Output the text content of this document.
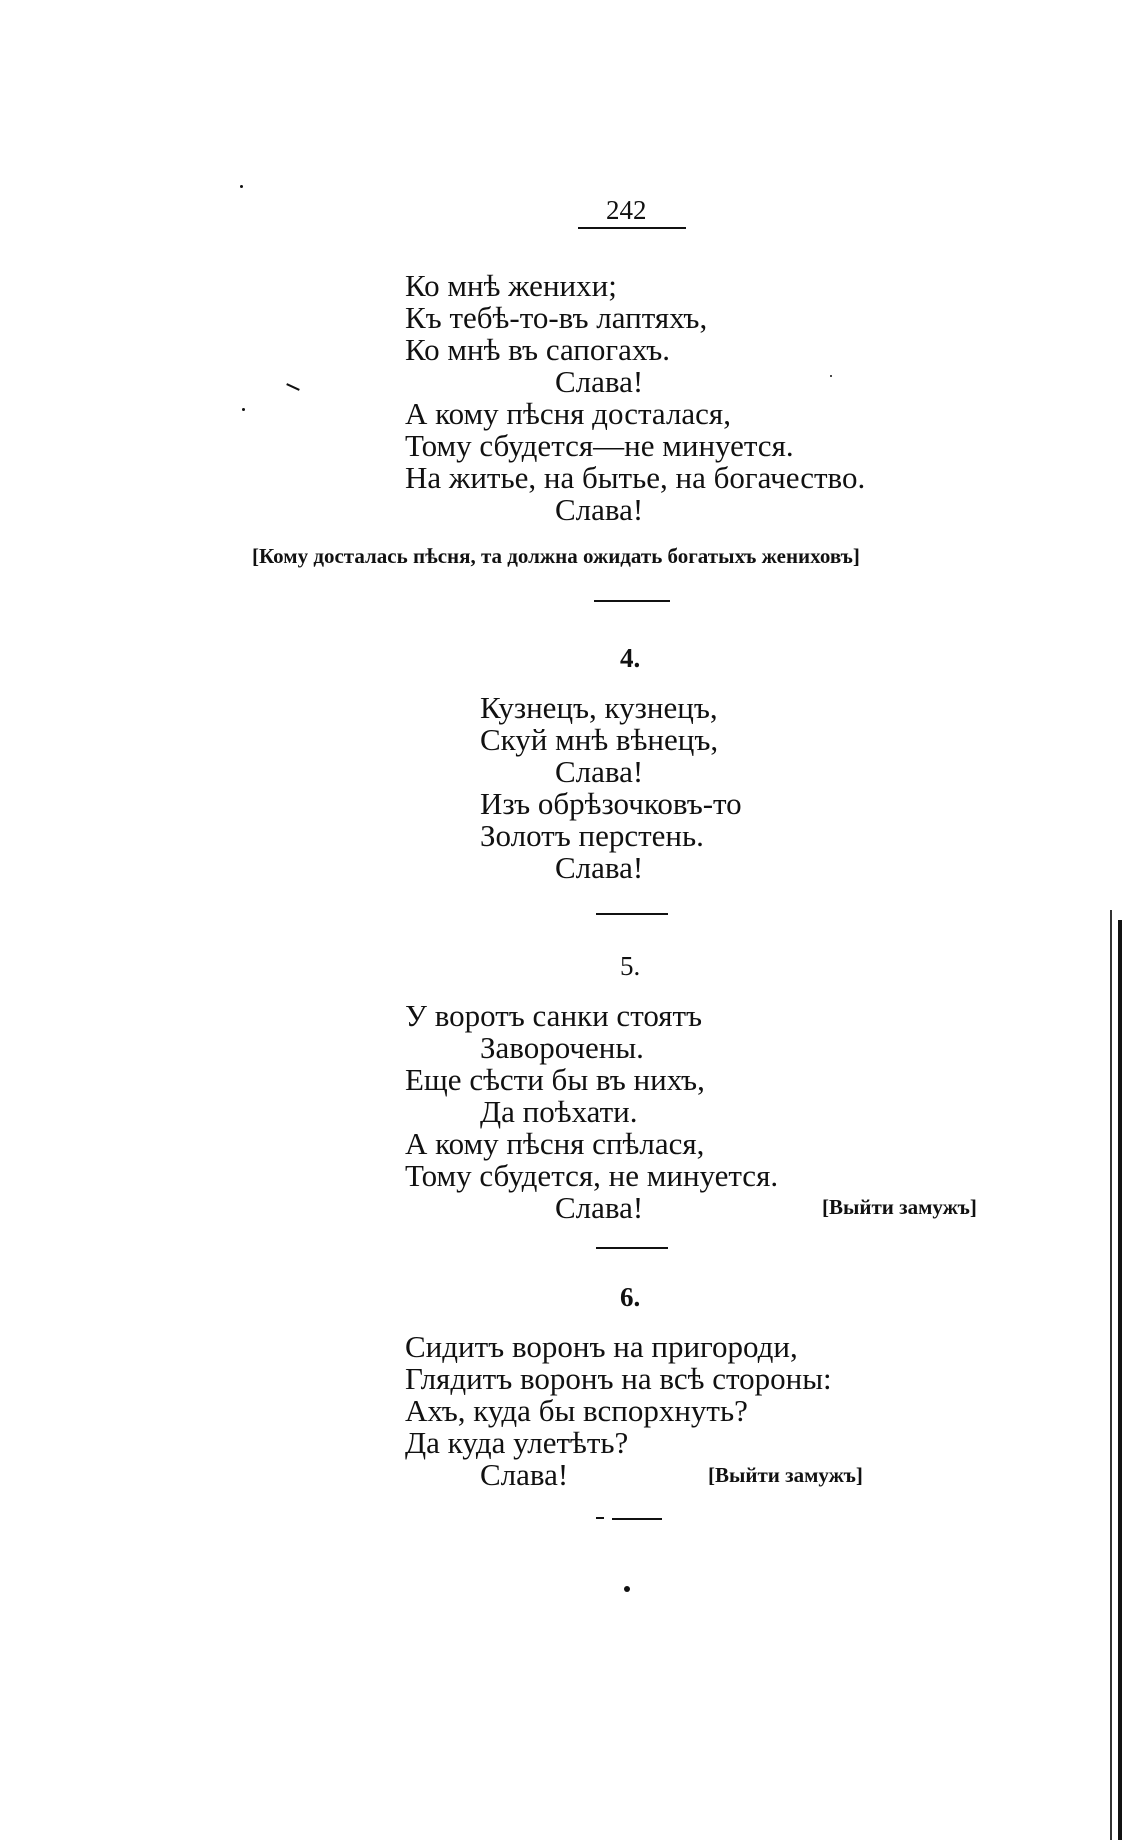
242
Ко мнѣ женихи;
Къ тебѣ-то-въ лаптяхъ,
Ко мнѣ въ сапогахъ.
Слава!
А кому пѣсня досталася,
Тому сбудется—не минуется.
На житье, на бытье, на богачество.
Слава!
[Кому досталась пѣсня, та должна ожидать богатыхъ жениховъ]
4.
Кузнецъ, кузнецъ,
Скуй мнѣ вѣнецъ,
Слава!
Изъ обрѣзочковъ-то
Золотъ перстень.
Слава!
5.
У воротъ санки стоятъ
Заворочены.
Еще сѣсти бы въ нихъ,
Да поѣхати.
А кому пѣсня спѣлася,
Тому сбудется, не минуется.
Слава!	[Выйти замужъ]
6.
Сидитъ воронъ на пригороди,
Глядитъ воронъ на всѣ стороны:
Ахъ, куда бы вспорхнуть?
Да куда улетѣть?
Слава!	[Выйти замужъ]
